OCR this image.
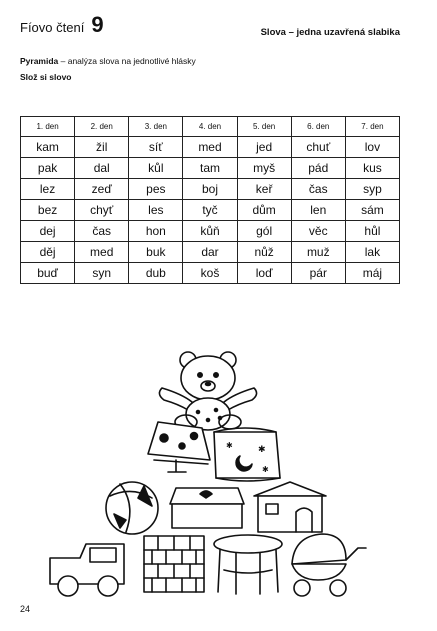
Fíovo čtení 9	Slova – jedna uzavřená slabika
Pyramida – analýza slova na jednotlivé hlásky
Slož si slovo
1. den	2. den	3. den	4. den	5. den	6. den	7. den
kam	žil	síť	med	jed	chuť	lov
pak	dal	kůl	tam	myš	pád	kus
lez	zeď	pes	boj	keř	čas	syp
bez	chyť	les	tyč	dům	len	sám
dej	čas	hon	kůň	gól	věc	hůl
děj	med	buk	dar	nůž	muž	lak
buď	syn	dub	koš	loď	pár	máj
✱
✱
✱
24
